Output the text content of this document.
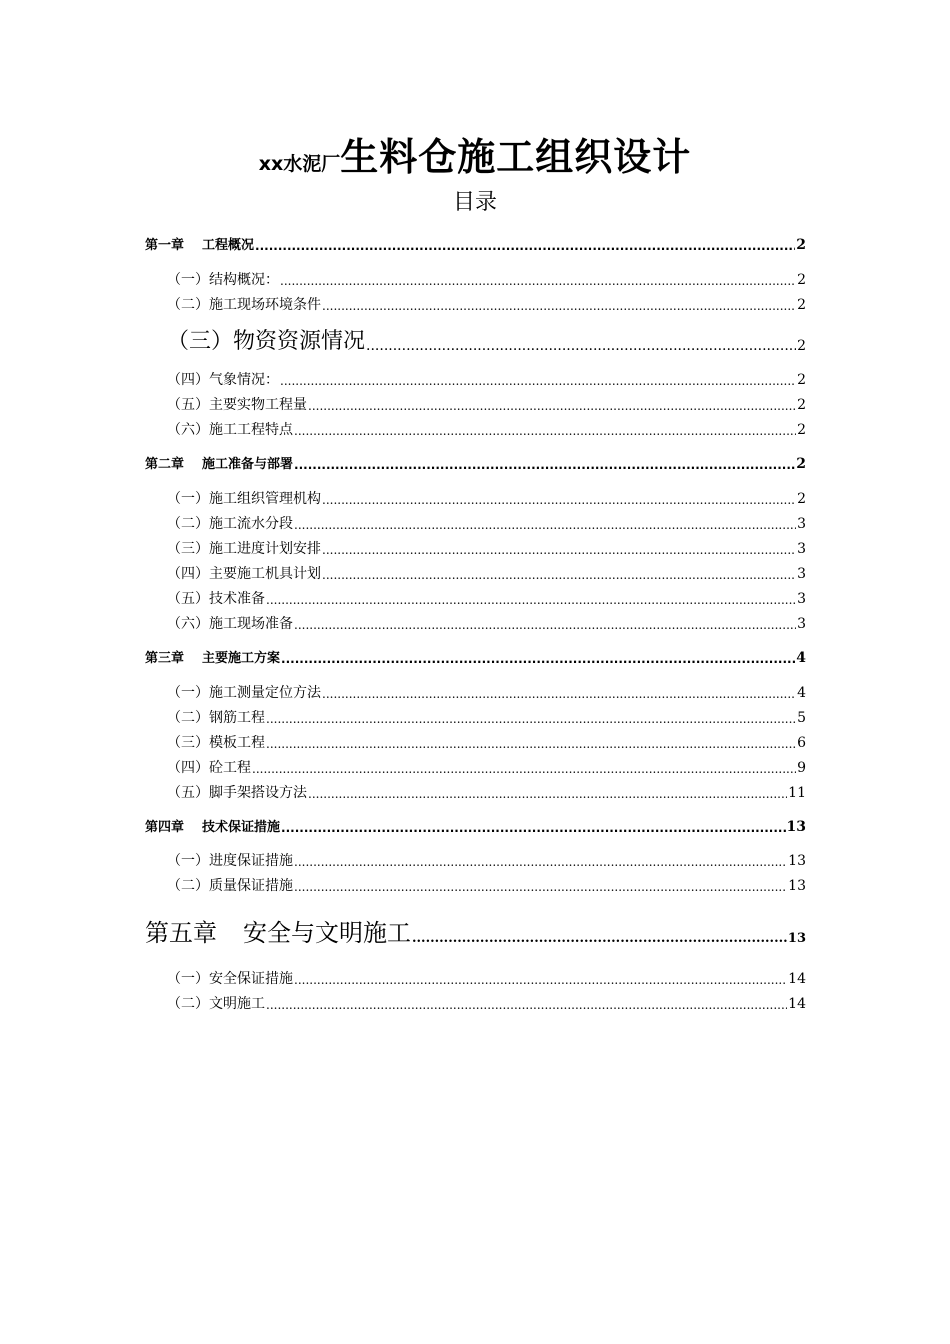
xx水泥厂生料仓施工组织设计
目录
第一章 工程概况 .....	2
（一）结构概况： .....	2
（二）施工现场环境条件 .....	2
（三）物资资源情况 .....	2
（四）气象情况： .....	2
（五）主要实物工程量 .....	2
（六）施工工程特点 .....	2
第二章 施工准备与部署 .....	2
（一）施工组织管理机构 .....	2
（二）施工流水分段 .....	3
（三）施工进度计划安排 .....	3
（四）主要施工机具计划 .....	3
（五）技术准备 .....	3
（六）施工现场准备 .....	3
第三章 主要施工方案 .....	4
（一）施工测量定位方法 .....	4
（二）钢筋工程 .....	5
（三）模板工程 .....	6
（四）砼工程 .....	9
（五）脚手架搭设方法 .....	11
第四章 技术保证措施 .....	13
（一）进度保证措施 .....	13
（二）质量保证措施 .....	13
第五章 安全与文明施工 .....	13
（一）安全保证措施 .....	14
（二）文明施工 .....	14
